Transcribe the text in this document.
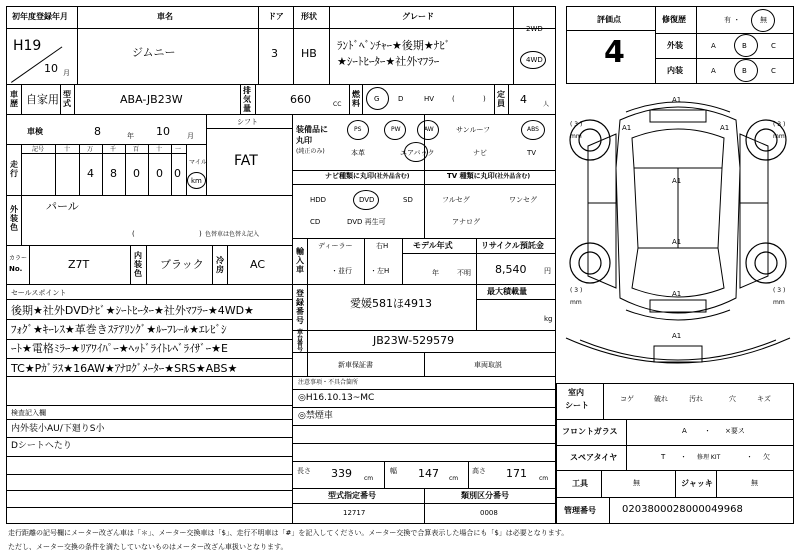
初年度登録年月
H19
10 月
車名
ジムニー
ドア
3
形状
HB
グレード
ﾗﾝﾄﾞﾍﾞﾝﾁｬｰ★後期★ﾅﾋﾞ
★ｼｰﾄﾋｰﾀｰ★社外ﾏﾌﾗｰ
2WD
4WD
車
歴 自家用 型
式	ABA-JB23W
排
気
量
660	CC
燃
料 G	D	HV	(	) 定
員 4	人
車検	8	年 10 月
シフト
FAT
走
行
記号	十	万	千	百	十 一
4 8 0 0 0
マイル
km
外
装
色
パール
(	) 色替車は色替え記入
カラー
No.	Z7T
内
装
色
ブラック 冷
房 AC
セールスポイント
後期★社外DVDﾅﾋﾞ★ｼｰﾄﾋｰﾀｰ★社外ﾏﾌﾗｰ★4WD★
ﾌｫｸﾞ★ｷｰﾚｽ★革巻きｽﾃｱﾘﾝｸﾞ★ﾙｰﾌﾚｰﾙ★ｴﾚﾋﾞｼ
ｰﾄ★電格ﾐﾗｰ★ﾘｱﾜｲﾊﾟｰ★ﾍｯﾄﾞﾗｲﾄﾚﾍﾞﾗｲｻﾞｰ★E
TC★Pｶﾞﾗｽ★16AW★ｱﾅﾛｸﾞﾒｰﾀｰ★SRS★ABS★
検査記入欄
内外装小AU/下廻りS小
Dシートヘたり
装備品に
丸印
(純正のみ)
PS	PW	AW	サンルーフ	ABS
本革	エアバック	ナビ	TV
ナビ種類に丸印(社外品含む)
HDD	DVD	SD
CD	DVD 再生可
TV 種類に丸印(社外品含む)
フルセグ	ワンセグ
アナログ
輸
入
車
ディーラー
・並行
右H
・左H
モデル年式
年	不明
リサイクル預託金
8,540	円
登
録
番
号
愛媛581ほ4913
最大積載量
kg
車
台
番
号
JB23W-529579
新車保証書	車両取説
注意事項・不具合箇所
◎H16.10.13~MC
◎禁煙車
長さ 339 cm
幅 147 cm
高さ 171 cm
型式指定番号
12717
類別区分番号
0008
評価点
4
修復歴	有 ・	無
外装	A	B	C
内装	A	B	C
A1
A1	A1
A1
A1
A1
A1
( 3 )
mm
( 3 )
mm
( 3 )
mm
( 3 )
mm
室内
シート
コゲ	破れ	汚れ	穴	キズ
フロントガラス	A ・ ×要ス
スペアタイヤ	T ・ 修理 KIT	・ 欠
工具	無	ジャッキ	無
管理番号	0203800028000049968
走行距離の記号欄にメーター改ざん車は「＊」、メーター交換車は「$」、走行不明車は「#」を記入してください。メーター交換で合算表示した場合にも「$」は必要となります。
ただし、メーター交換の条件を満たしていないものはメーター改ざん車扱いとなります。
